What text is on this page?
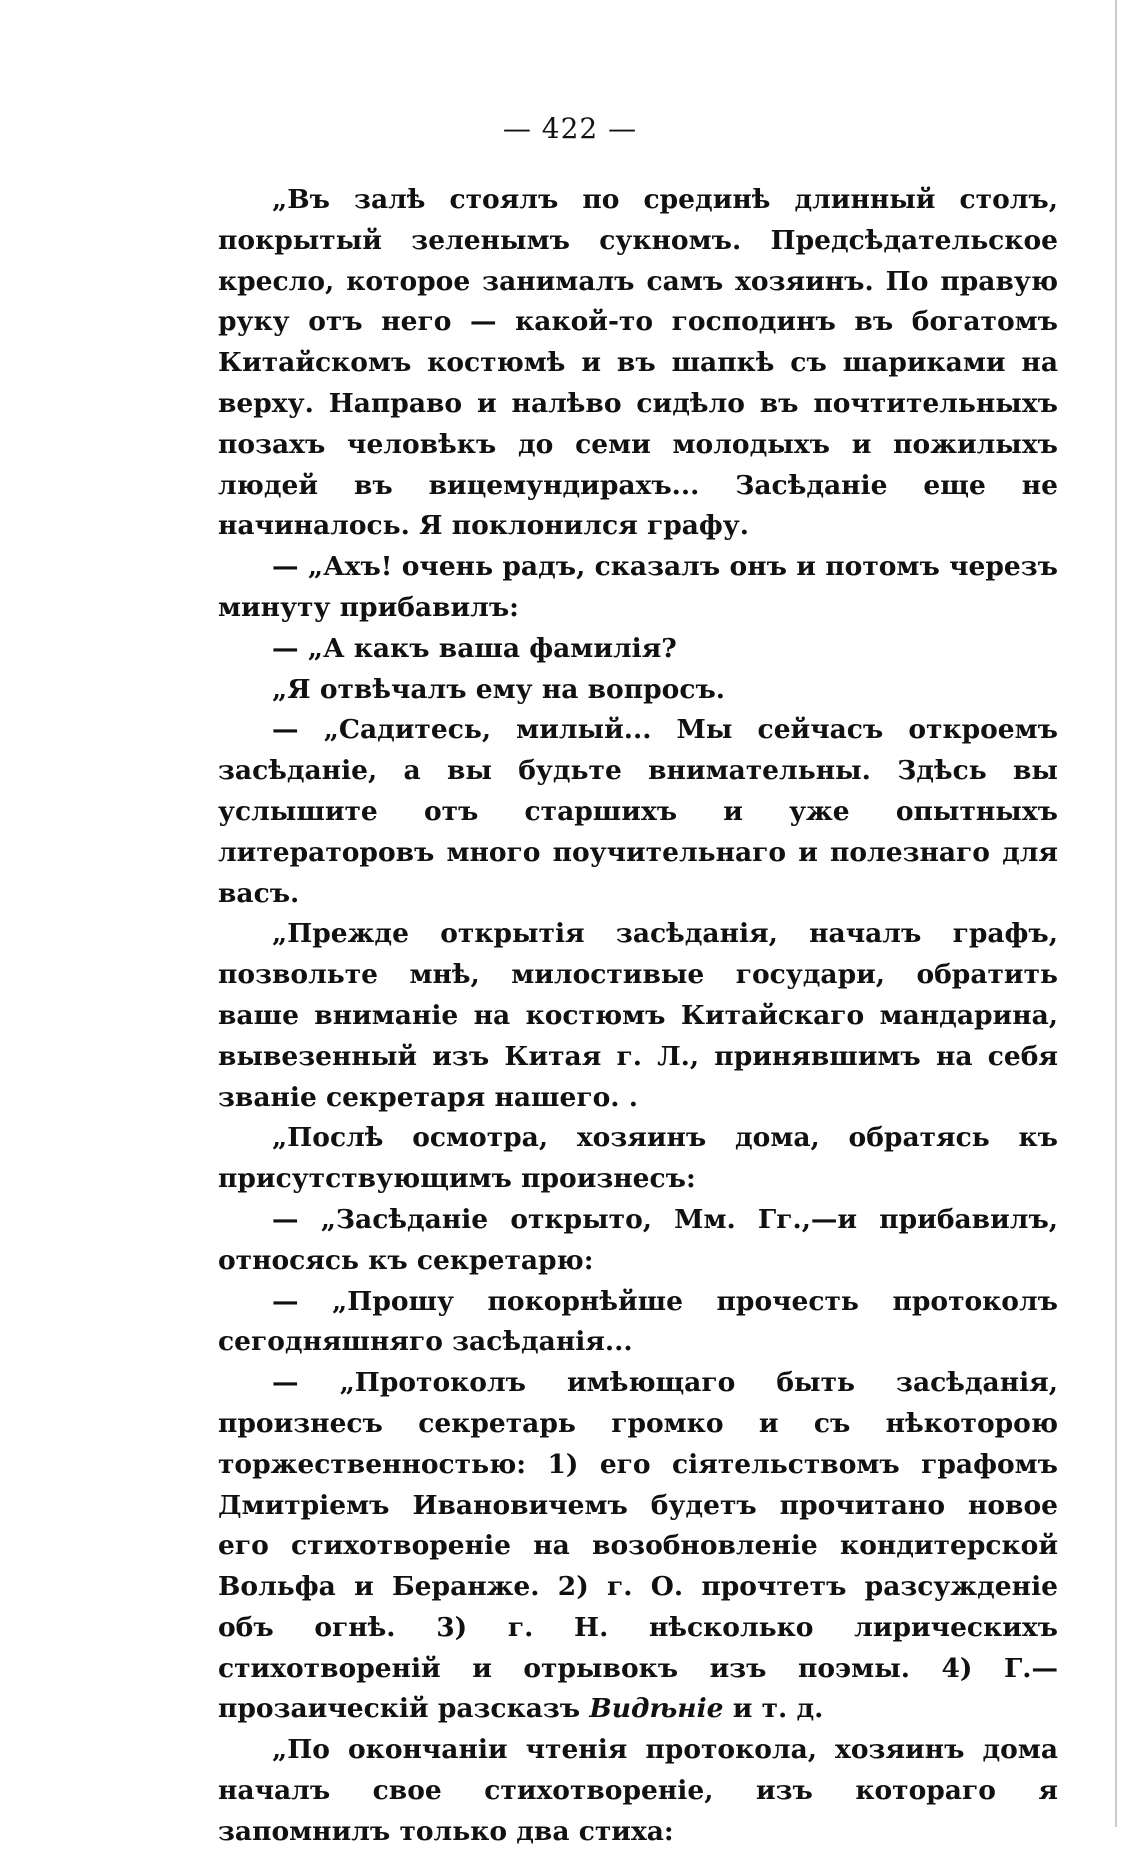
— 422 —

„Въ залѣ стоялъ по срединѣ длинный столъ, покрытый зеленымъ сукномъ. Предсѣдательское кресло, которое занималъ самъ хозяинъ. По правую руку отъ него — какой-то господинъ въ богатомъ Китайскомъ костюмѣ и въ шапкѣ съ шариками на верху. Направо и налѣво сидѣло въ почтительныхъ позахъ человѣкъ до семи молодыхъ и пожилыхъ людей въ вицемундирахъ... Засѣданіе еще не начиналось. Я поклонился графу.

— „Ахъ! очень радъ, сказалъ онъ и потомъ черезъ минуту прибавилъ:

— „А какъ ваша фамилія?

„Я отвѣчалъ ему на вопросъ.

— „Садитесь, милый... Мы сейчасъ откроемъ засѣданіе, а вы будьте внимательны. Здѣсь вы услышите отъ старшихъ и уже опытныхъ литераторовъ много поучительнаго и полезнаго для васъ.

„Прежде открытія засѣданія, началъ графъ, позвольте мнѣ, милостивые государи, обратить ваше вниманіе на костюмъ Китайскаго мандарина, вывезенный изъ Китая г. Л., принявшимъ на себя званіе секретаря нашего. .

„Послѣ осмотра, хозяинъ дома, обратясь къ присутствующимъ произнесъ:

— „Засѣданіе открыто, Мм. Гг.,—и прибавилъ, относясь къ секретарю:

— „Прошу покорнѣйше прочесть протоколъ сегодняшняго засѣданія...

— „Протоколъ имѣющаго быть засѣданія, произнесъ секретарь громко и съ нѣкоторою торжественностью: 1) его сіятельствомъ графомъ Дмитріемъ Ивановичемъ будетъ прочитано новое его стихотвореніе на возобновленіе кондитерской Вольфа и Беранже. 2) г. О. прочтетъ разсужденіе объ огнѣ. 3) г. Н. нѣсколько лирическихъ стихотвореній и отрывокъ изъ поэмы. 4) Г.—прозаическій разсказъ Видѣніе и т. д.

„По окончаніи чтенія протокола, хозяинъ дома началъ свое стихотвореніе, изъ котораго я запомнилъ только два стиха:
